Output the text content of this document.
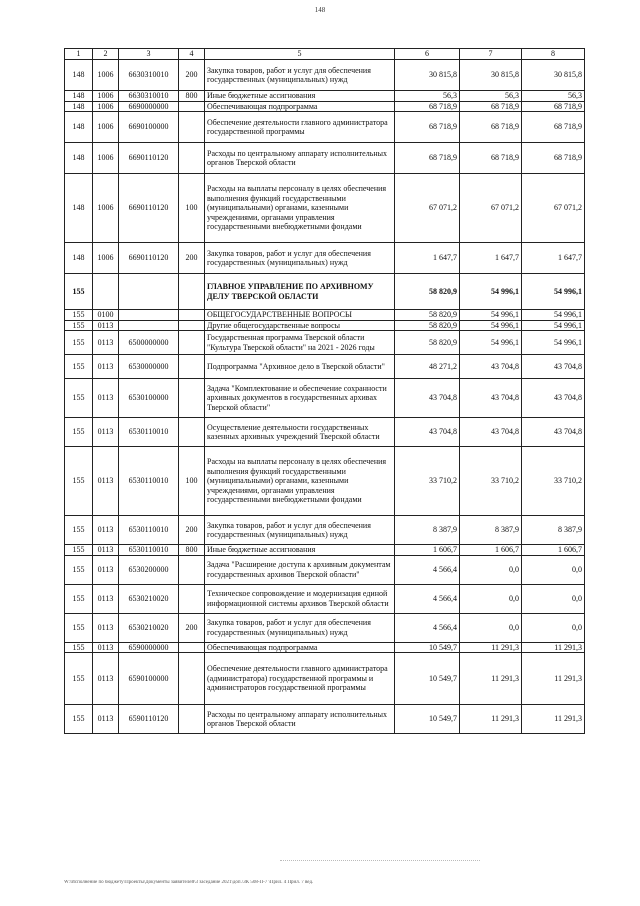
148
1	2	3	4	5	6	7	8
148	1006	6630310010	200	Закупка товаров, работ и услуг для обеспечения государственных (муниципальных) нужд	30 815,8	30 815,8	30 815,8
148	1006	6630310010	800	Иные бюджетные ассигнования	56,3	56,3	56,3
148	1006	6690000000		Обеспечивающая подпрограмма	68 718,9	68 718,9	68 718,9
148	1006	6690100000		Обеспечение деятельности главного администратора государственной программы	68 718,9	68 718,9	68 718,9
148	1006	6690110120		Расходы по центральному аппарату исполнительных органов Тверской области	68 718,9	68 718,9	68 718,9
148	1006	6690110120	100	Расходы на выплаты персоналу в целях обеспечения выполнения функций государственными (муниципальными) органами, казенными учреждениями, органами управления государственными внебюджетными фондами	67 071,2	67 071,2	67 071,2
148	1006	6690110120	200	Закупка товаров, работ и услуг для обеспечения государственных (муниципальных) нужд	1 647,7	1 647,7	1 647,7
155				ГЛАВНОЕ УПРАВЛЕНИЕ ПО АРХИВНОМУ ДЕЛУ ТВЕРСКОЙ ОБЛАСТИ	58 820,9	54 996,1	54 996,1
155	0100			ОБЩЕГОСУДАРСТВЕННЫЕ ВОПРОСЫ	58 820,9	54 996,1	54 996,1
155	0113			Другие общегосударственные вопросы	58 820,9	54 996,1	54 996,1
155	0113	6500000000		Государственная программа Тверской области "Культура Тверской области" на 2021 - 2026 годы	58 820,9	54 996,1	54 996,1
155	0113	6530000000		Подпрограмма "Архивное дело в Тверской области"	48 271,2	43 704,8	43 704,8
155	0113	6530100000		Задача "Комплектование и обеспечение сохранности архивных документов в государственных архивах Тверской области"	43 704,8	43 704,8	43 704,8
155	0113	6530110010		Осуществление деятельности государственных казенных архивных учреждений Тверской области	43 704,8	43 704,8	43 704,8
155	0113	6530110010	100	Расходы на выплаты персоналу в целях обеспечения выполнения функций государственными (муниципальными) органами, казенными учреждениями, органами управления государственными внебюджетными фондами	33 710,2	33 710,2	33 710,2
155	0113	6530110010	200	Закупка товаров, работ и услуг для обеспечения государственных (муниципальных) нужд	8 387,9	8 387,9	8 387,9
155	0113	6530110010	800	Иные бюджетные ассигнования	1 606,7	1 606,7	1 606,7
155	0113	6530200000		Задача "Расширение доступа к архивным документам государственных архивов Тверской области"	4 566,4	0,0	0,0
155	0113	6530210020		Техническое сопровождение и модернизация единой информационной системы архивов Тверской области	4 566,4	0,0	0,0
155	0113	6530210020	200	Закупка товаров, работ и услуг для обеспечения государственных (муниципальных) нужд	4 566,4	0,0	0,0
155	0113	6590000000		Обеспечивающая подпрограмма	10 549,7	11 291,3	11 291,3
155	0113	6590100000		Обеспечение деятельности главного администратора (администратора) государственной программы и администраторов государственной программы	10 549,7	11 291,3	11 291,3
155	0113	6590110120		Расходы по центральному аппарату исполнительных органов Тверской области	10 549,7	11 291,3	11 291,3
W:\Исполнение по бюджету\Проекты\Документы заявителей\3 заседание 2021\доп.\ЗК 508-П-7 \Прил. 4 Прил. 7 вед.
